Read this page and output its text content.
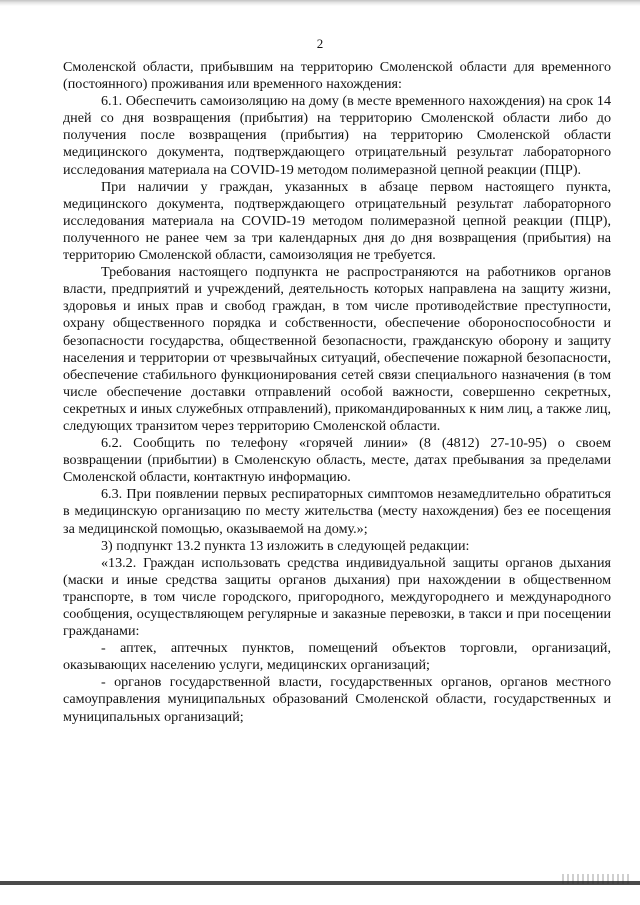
2

Смоленской области, прибывшим на территорию Смоленской области для временного (постоянного) проживания или временного нахождения:

6.1. Обеспечить самоизоляцию на дому (в месте временного нахождения) на срок 14 дней со дня возвращения (прибытия) на территорию Смоленской области либо до получения после возвращения (прибытия) на территорию Смоленской области медицинского документа, подтверждающего отрицательный результат лабораторного исследования материала на COVID-19 методом полимеразной цепной реакции (ПЦР).

При наличии у граждан, указанных в абзаце первом настоящего пункта, медицинского документа, подтверждающего отрицательный результат лабораторного исследования материала на COVID-19 методом полимеразной цепной реакции (ПЦР), полученного не ранее чем за три календарных дня до дня возвращения (прибытия) на территорию Смоленской области, самоизоляция не требуется.

Требования настоящего подпункта не распространяются на работников органов власти, предприятий и учреждений, деятельность которых направлена на защиту жизни, здоровья и иных прав и свобод граждан, в том числе противодействие преступности, охрану общественного порядка и собственности, обеспечение обороноспособности и безопасности государства, общественной безопасности, гражданскую оборону и защиту населения и территории от чрезвычайных ситуаций, обеспечение пожарной безопасности, обеспечение стабильного функционирования сетей связи специального назначения (в том числе обеспечение доставки отправлений особой важности, совершенно секретных, секретных и иных служебных отправлений), прикомандированных к ним лиц, а также лиц, следующих транзитом через территорию Смоленской области.

6.2. Сообщить по телефону «горячей линии» (8 (4812) 27-10-95) о своем возвращении (прибытии) в Смоленскую область, месте, датах пребывания за пределами Смоленской области, контактную информацию.

6.3. При появлении первых респираторных симптомов незамедлительно обратиться в медицинскую организацию по месту жительства (месту нахождения) без ее посещения за медицинской помощью, оказываемой на дому.»;

3) подпункт 13.2 пункта 13 изложить в следующей редакции:

«13.2. Граждан использовать средства индивидуальной защиты органов дыхания (маски и иные средства защиты органов дыхания) при нахождении в общественном транспорте, в том числе городского, пригородного, междугороднего и международного сообщения, осуществляющем регулярные и заказные перевозки, в такси и при посещении гражданами:

- аптек, аптечных пунктов, помещений объектов торговли, организаций, оказывающих населению услуги, медицинских организаций;

- органов государственной власти, государственных органов, органов местного самоуправления муниципальных образований Смоленской области, государственных и муниципальных организаций;
